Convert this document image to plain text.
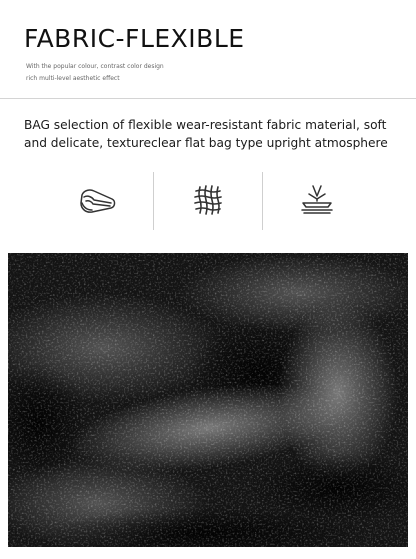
FABRIC-FLEXIBLE

With the popular colour, contrast color design

rich multi-level aesthetic effect

BAG selection of flexible wear-resistant fabric material, soft and delicate, textureclear flat bag type upright atmosphere
